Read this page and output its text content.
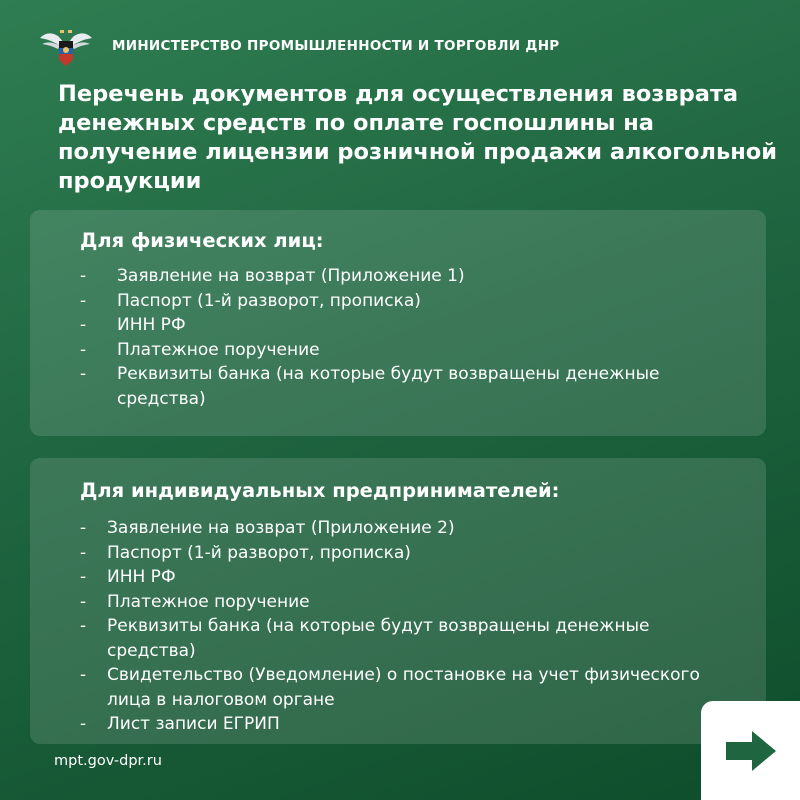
МИНИСТЕРСТВО ПРОМЫШЛЕННОСТИ И ТОРГОВЛИ ДНР
Перечень документов для осуществления возврата денежных средств по оплате госпошлины на получение лицензии розничной продажи алкогольной продукции
Для физических лиц:
- Заявление на возврат (Приложение 1)
- Паспорт (1-й разворот, прописка)
- ИНН РФ
- Платежное поручение
- Реквизиты банка (на которые будут возвращены денежные средства)
Для индивидуальных предпринимателей:
- Заявление на возврат (Приложение 2)
- Паспорт (1-й разворот, прописка)
- ИНН РФ
- Платежное поручение
- Реквизиты банка (на которые будут возвращены денежные средства)
- Свидетельство (Уведомление) о постановке на учет физического лица в налоговом органе
- Лист записи ЕГРИП
mpt.gov-dpr.ru
